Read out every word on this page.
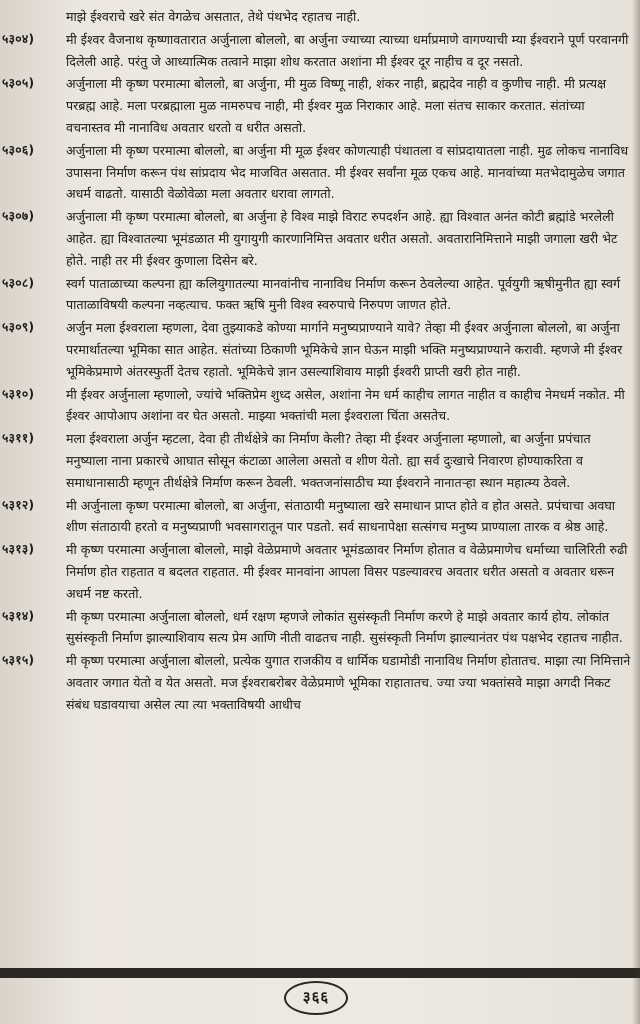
माझे ईश्वराचे खरे संत वेगळेच असतात, तेथे पंथभेद रहातच नाही.
५३०४)	मी ईश्वर वैजनाथ कृष्णावतारात अर्जुनाला बोललो, बा अर्जुना ज्याच्या त्याच्या धर्माप्रमाणे वागण्याची म्या ईश्वराने पूर्ण परवानगी दिलेली आहे. परंतु जे आध्यात्मिक तत्वाने माझा शोध करतात अशांना मी ईश्वर दूर नाहीच व दूर नसतो.
५३०५)	अर्जुनाला मी कृष्ण परमात्मा बोललो, बा अर्जुना, मी मुळ विष्णू नाही, शंकर नाही, ब्रह्मदेव नाही व कुणीच नाही. मी प्रत्यक्ष परब्रह्म आहे. मला परब्रह्माला मुळ नामरुपच नाही, मी ईश्वर मुळ निराकार आहे. मला संतच साकार करतात. संतांच्या वचनास्तव मी नानाविध अवतार धरतो व धरीत असतो.
५३०६)	अर्जुनाला मी कृष्ण परमात्मा बोललो, बा अर्जुना मी मूळ ईश्वर कोणत्याही पंथातला व सांप्रदायातला नाही. मुढ लोकच नानाविध उपासना निर्माण करून पंथ सांप्रदाय भेद माजवित असतात. मी ईश्वर सर्वांना मूळ एकच आहे. मानवांच्या मतभेदामुळेच जगात अधर्म वाढतो. यासाठी वेळोवेळा मला अवतार धरावा लागतो.
५३०७)	अर्जुनाला मी कृष्ण परमात्मा बोललो, बा अर्जुना हे विश्व माझे विराट रुपदर्शन आहे. ह्या विश्वात अनंत कोटी ब्रह्मांडे भरलेली आहेत. ह्या विश्वातल्या भूमंडळात मी युगायुगी कारणानिमित्त अवतार धरीत असतो. अवतारानिमित्ताने माझी जगाला खरी भेट होते. नाही तर मी ईश्वर कुणाला दिसेन बरे.
५३०८)	स्वर्ग पाताळाच्या कल्पना ह्या कलियुगातल्या मानवांनीच नानाविध निर्माण करून ठेवलेल्या आहेत. पूर्वयुगी ऋषीमुनीत ह्या स्वर्ग पाताळाविषयी कल्पना नव्हत्याच. फक्त ऋषि मुनी विश्व स्वरुपाचे निरुपण जाणत होते.
५३०९)	अर्जुन मला ईश्वराला म्हणला, देवा तुझ्याकडे कोण्या मार्गाने मनुष्यप्राण्याने यावे? तेव्हा मी ईश्वर अर्जुनाला बोललो, बा अर्जुना परमार्थातल्या भूमिका सात आहेत. संतांच्या ठिकाणी भूमिकेचे ज्ञान घेऊन माझी भक्ति मनुष्यप्राण्याने करावी. म्हणजे मी ईश्वर भूमिकेप्रमाणे अंतरस्फुर्ती देतच रहातो. भूमिकेचे ज्ञान उसल्याशिवाय माझी ईश्वरी प्राप्ती खरी होत नाही.
५३१०)	मी ईश्वर अर्जुनाला म्हणालो, ज्यांचे भक्तिप्रेम शुध्द असेल, अशांना नेम धर्म काहीच लागत नाहीत व काहीच नेमधर्म नकोत. मी ईश्वर आपोआप अशांना वर घेत असतो. माझ्या भक्तांची मला ईश्वराला चिंता असतेच.
५३११)	मला ईश्वराला अर्जुन म्हटला, देवा ही तीर्थक्षेत्रे का निर्माण केली? तेव्हा मी ईश्वर अर्जुनाला म्हणालो, बा अर्जुना प्रपंचात मनुष्याला नाना प्रकारचे आघात सोसून कंटाळा आलेला असतो व शीण येतो. ह्या सर्व दुःखाचे निवारण होण्याकरिता व समाधानासाठी म्हणून तीर्थक्षेत्रे निर्माण करून ठेवली. भक्तजनांसाठीच म्या ईश्वराने नानातऱ्हा स्थान महात्म्य ठेवले.
५३१२)	मी अर्जुनाला कृष्ण परमात्मा बोललो, बा अर्जुना, संताठायी मनुष्याला खरे समाधान प्राप्त होते व होत असते. प्रपंचाचा अवघा शीण संताठायी हरतो व मनुष्यप्राणी भवसागरातून पार पडतो. सर्व साधनापेक्षा सत्संगच मनुष्य प्राण्याला तारक व श्रेष्ठ आहे.
५३१३)	मी कृष्ण परमात्मा अर्जुनाला बोललो, माझे वेळेप्रमाणे अवतार भूमंडळावर निर्माण होतात व वेळेप्रमाणेच धर्माच्या चालिरिती रुढी निर्माण होत राहतात व बदलत राहतात. मी ईश्वर मानवांना आपला विसर पडल्यावरच अवतार धरीत असतो व अवतार धरून अधर्म नष्ट करतो.
५३१४)	मी कृष्ण परमात्मा अर्जुनाला बोललो, धर्म रक्षण म्हणजे लोकांत सुसंस्कृती निर्माण करणे हे माझे अवतार कार्य होय. लोकांत सुसंस्कृती निर्माण झाल्याशिवाय सत्य प्रेम आणि नीती वाढतच नाही. सुसंस्कृती निर्माण झाल्यानंतर पंथ पक्षभेद रहातच नाहीत.
५३१५)	मी कृष्ण परमात्मा अर्जुनाला बोललो, प्रत्येक युगात राजकीय व धार्मिक घडामोडी नानाविध निर्माण होतातच. माझा त्या निमित्ताने अवतार जगात येतो व येत असतो. मज ईश्वराबरोबर वेळेप्रमाणे भूमिका राहातातच. ज्या ज्या भक्तांसवे माझा अगदी निकट संबंध घडावयाचा असेल त्या त्या भक्ताविषयी आधीच
३६६
